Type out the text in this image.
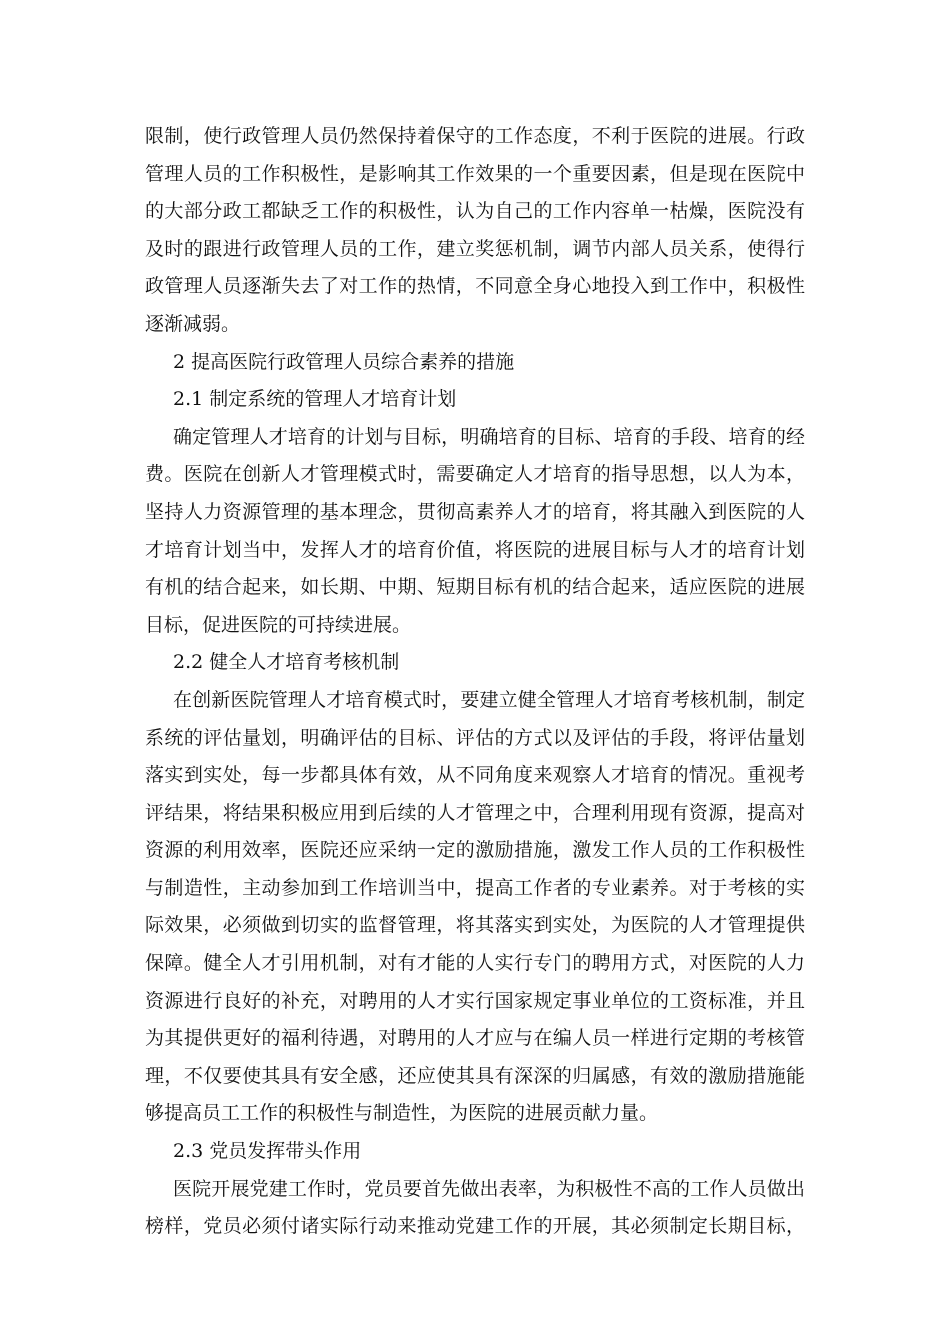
限制，使行政管理人员仍然保持着保守的工作态度，不利于医院的进展。行政
管理人员的工作积极性，是影响其工作效果的一个重要因素，但是现在医院中
的大部分政工都缺乏工作的积极性，认为自己的工作内容单一枯燥，医院没有
及时的跟进行政管理人员的工作，建立奖惩机制，调节内部人员关系，使得行
政管理人员逐渐失去了对工作的热情，不同意全身心地投入到工作中，积极性
逐渐减弱。
2 提高医院行政管理人员综合素养的措施
2.1 制定系统的管理人才培育计划
确定管理人才培育的计划与目标，明确培育的目标、培育的手段、培育的经
费。医院在创新人才管理模式时，需要确定人才培育的指导思想，以人为本，
坚持人力资源管理的基本理念，贯彻高素养人才的培育，将其融入到医院的人
才培育计划当中，发挥人才的培育价值，将医院的进展目标与人才的培育计划
有机的结合起来，如长期、中期、短期目标有机的结合起来，适应医院的进展
目标，促进医院的可持续进展。
2.2 健全人才培育考核机制
在创新医院管理人才培育模式时，要建立健全管理人才培育考核机制，制定
系统的评估量划，明确评估的目标、评估的方式以及评估的手段，将评估量划
落实到实处，每一步都具体有效，从不同角度来观察人才培育的情况。重视考
评结果，将结果积极应用到后续的人才管理之中，合理利用现有资源，提高对
资源的利用效率，医院还应采纳一定的激励措施，激发工作人员的工作积极性
与制造性，主动参加到工作培训当中，提高工作者的专业素养。对于考核的实
际效果，必须做到切实的监督管理，将其落实到实处，为医院的人才管理提供
保障。健全人才引用机制，对有才能的人实行专门的聘用方式，对医院的人力
资源进行良好的补充，对聘用的人才实行国家规定事业单位的工资标准，并且
为其提供更好的福利待遇，对聘用的人才应与在编人员一样进行定期的考核管
理，不仅要使其具有安全感，还应使其具有深深的归属感，有效的激励措施能
够提高员工工作的积极性与制造性，为医院的进展贡献力量。
2.3 党员发挥带头作用
医院开展党建工作时，党员要首先做出表率，为积极性不高的工作人员做出
榜样，党员必须付诸实际行动来推动党建工作的开展，其必须制定长期目标，
